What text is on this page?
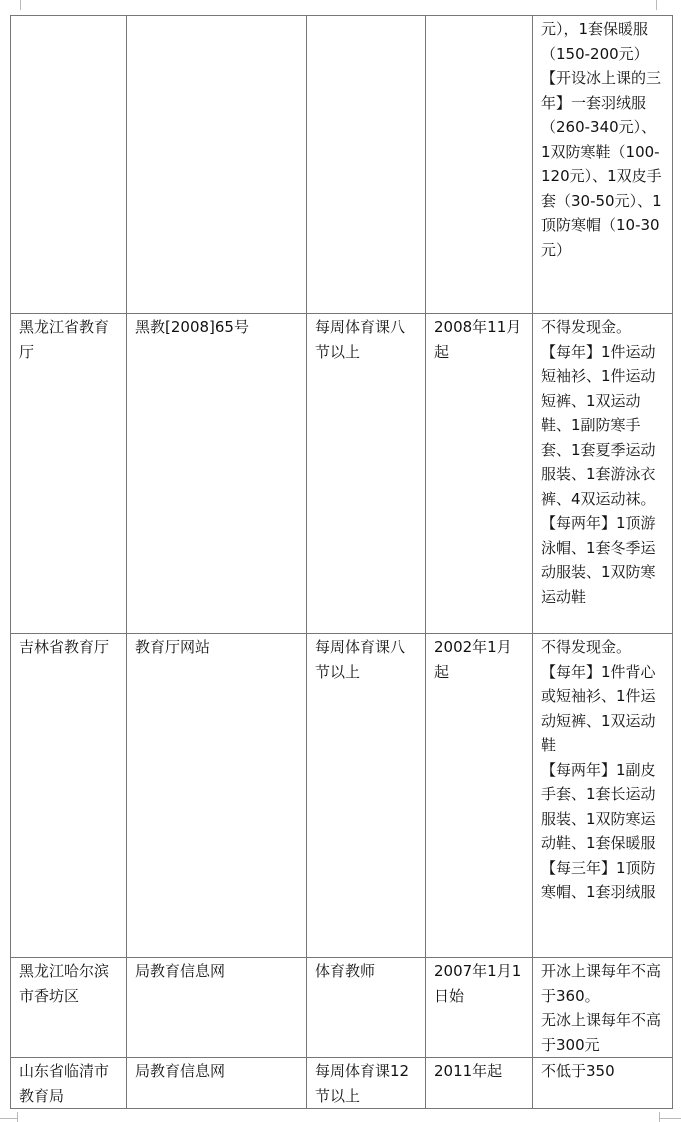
				元），1套保暖服（150-200元）
【开设冰上课的三年】一套羽绒服（260-340元）、1双防寒鞋（100-120元）、1双皮手套（30-50元）、1顶防寒帽（10-30元）

黑龙江省教育厅	黑教[2008]65号	每周体育课八节以上	2008年11月起	不得发现金。
【每年】1件运动短袖衫、1件运动短裤、1双运动鞋、1副防寒手套、1套夏季运动服装、1套游泳衣裤、4双运动袜。
【每两年】1顶游泳帽、1套冬季运动服装、1双防寒运动鞋

吉林省教育厅	教育厅网站	每周体育课八节以上	2002年1月起	不得发现金。
【每年】1件背心或短袖衫、1件运动短裤、1双运动鞋
【每两年】1副皮手套、1套长运动服装、1双防寒运动鞋、1套保暖服
【每三年】1顶防寒帽、1套羽绒服

黑龙江哈尔滨市香坊区	局教育信息网	体育教师	2007年1月1日始	开冰上课每年不高于360。
无冰上课每年不高于300元

山东省临清市教育局	局教育信息网	每周体育课12节以上	2011年起	不低于350
